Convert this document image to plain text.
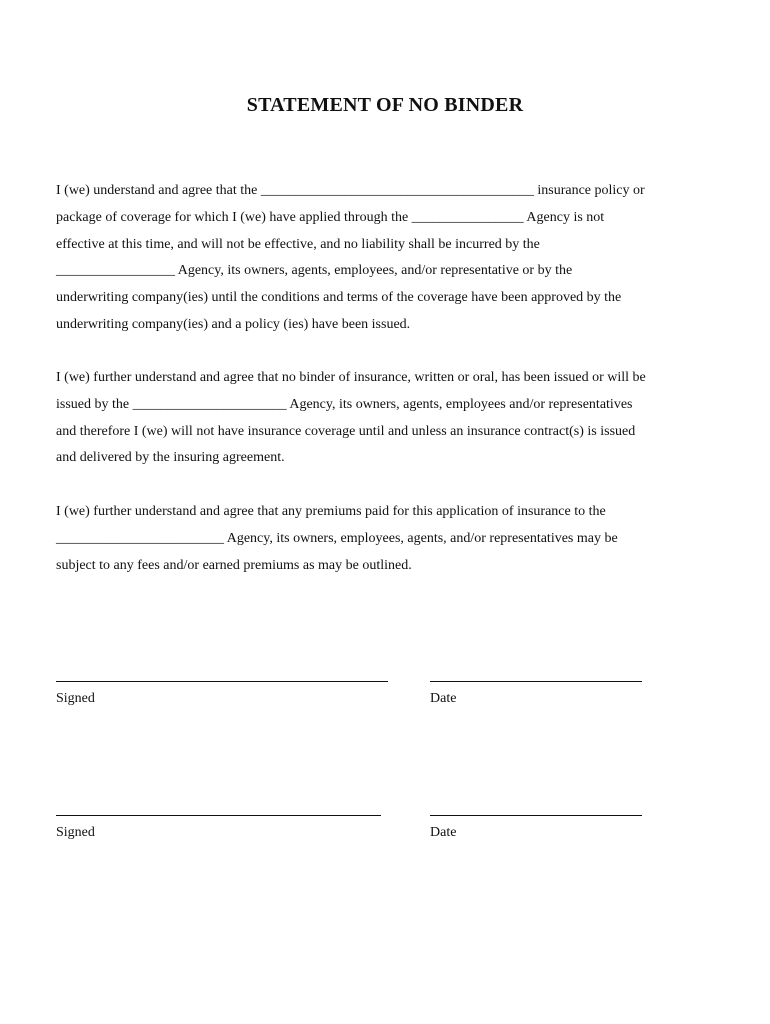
STATEMENT OF NO BINDER
I (we) understand and agree that the _______________________________________ insurance policy or
package of coverage for which I (we) have applied through the ________________ Agency is not
effective at this time, and will not be effective, and no liability shall be incurred by the
_________________ Agency, its owners, agents, employees, and/or representative or by the
underwriting company(ies) until the conditions and terms of the coverage have been approved by the
underwriting company(ies) and a policy (ies) have been issued.
I (we) further understand and agree that no binder of insurance, written or oral, has been issued or will be
issued by the ______________________ Agency, its owners, agents, employees and/or representatives
and therefore I (we) will not have insurance coverage until and unless an insurance contract(s) is issued
and delivered by the insuring agreement.
I (we) further understand and agree that any premiums paid for this application of insurance to the
________________________ Agency, its owners, employees, agents, and/or representatives may be
subject to any fees and/or earned premiums as may be outlined.

Signed	Date

Signed	Date
